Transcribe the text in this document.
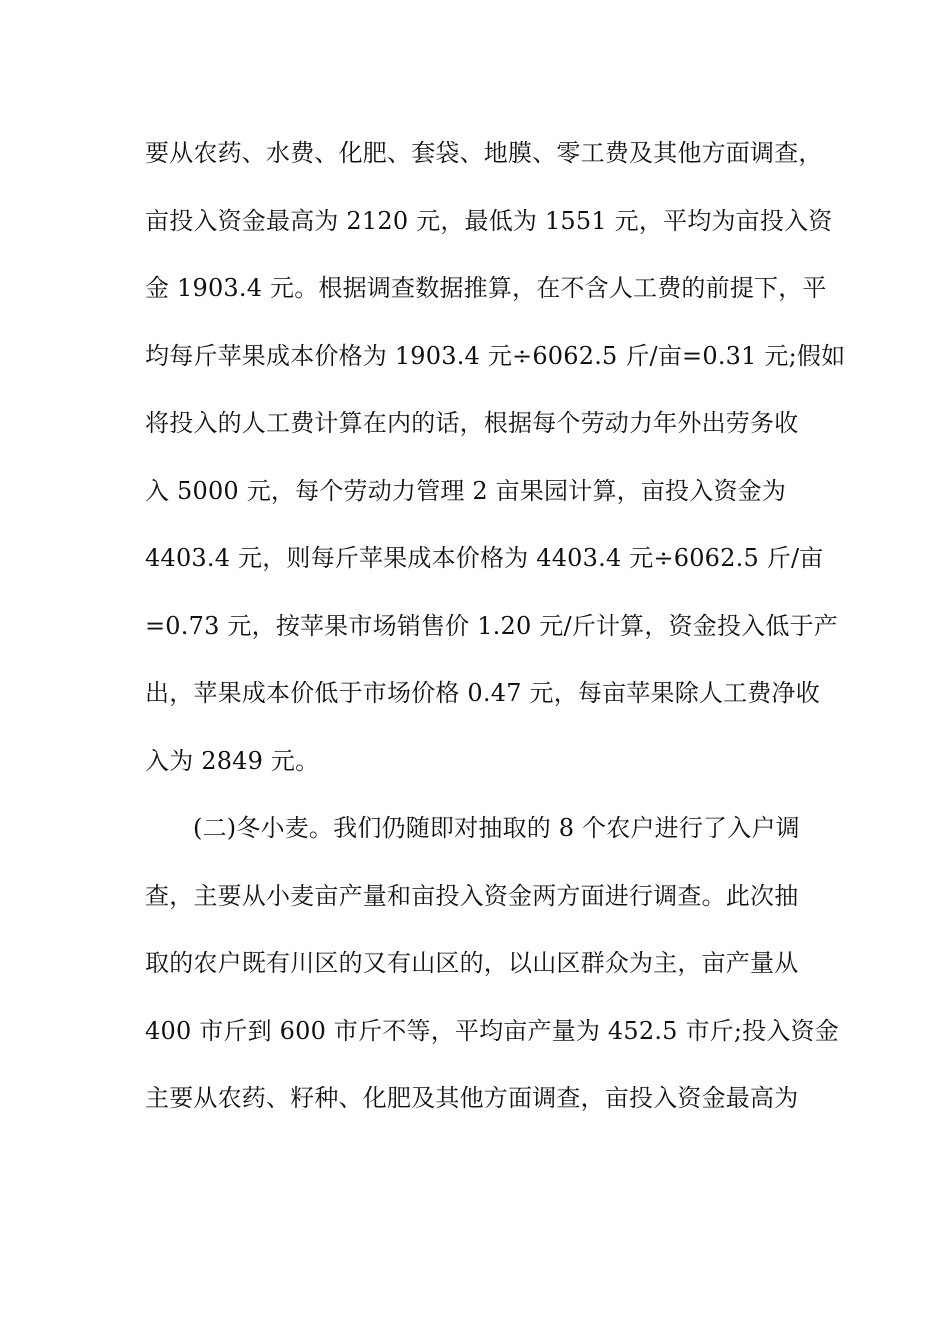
要从农药、水费、化肥、套袋、地膜、零工费及其他方面调查，
亩投入资金最高为 2120 元，最低为 1551 元，平均为亩投入资
金 1903.4 元。根据调查数据推算，在不含人工费的前提下，平
均每斤苹果成本价格为 1903.4 元÷6062.5 斤/亩=0.31 元;假如
将投入的人工费计算在内的话，根据每个劳动力年外出劳务收
入 5000 元，每个劳动力管理 2 亩果园计算，亩投入资金为
4403.4 元，则每斤苹果成本价格为 4403.4 元÷6062.5 斤/亩
=0.73 元，按苹果市场销售价 1.20 元/斤计算，资金投入低于产
出，苹果成本价低于市场价格 0.47 元，每亩苹果除人工费净收
入为 2849 元。
(二)冬小麦。我们仍随即对抽取的 8 个农户进行了入户调
查，主要从小麦亩产量和亩投入资金两方面进行调查。此次抽
取的农户既有川区的又有山区的，以山区群众为主，亩产量从
400 市斤到 600 市斤不等，平均亩产量为 452.5 市斤;投入资金
主要从农药、籽种、化肥及其他方面调查，亩投入资金最高为
